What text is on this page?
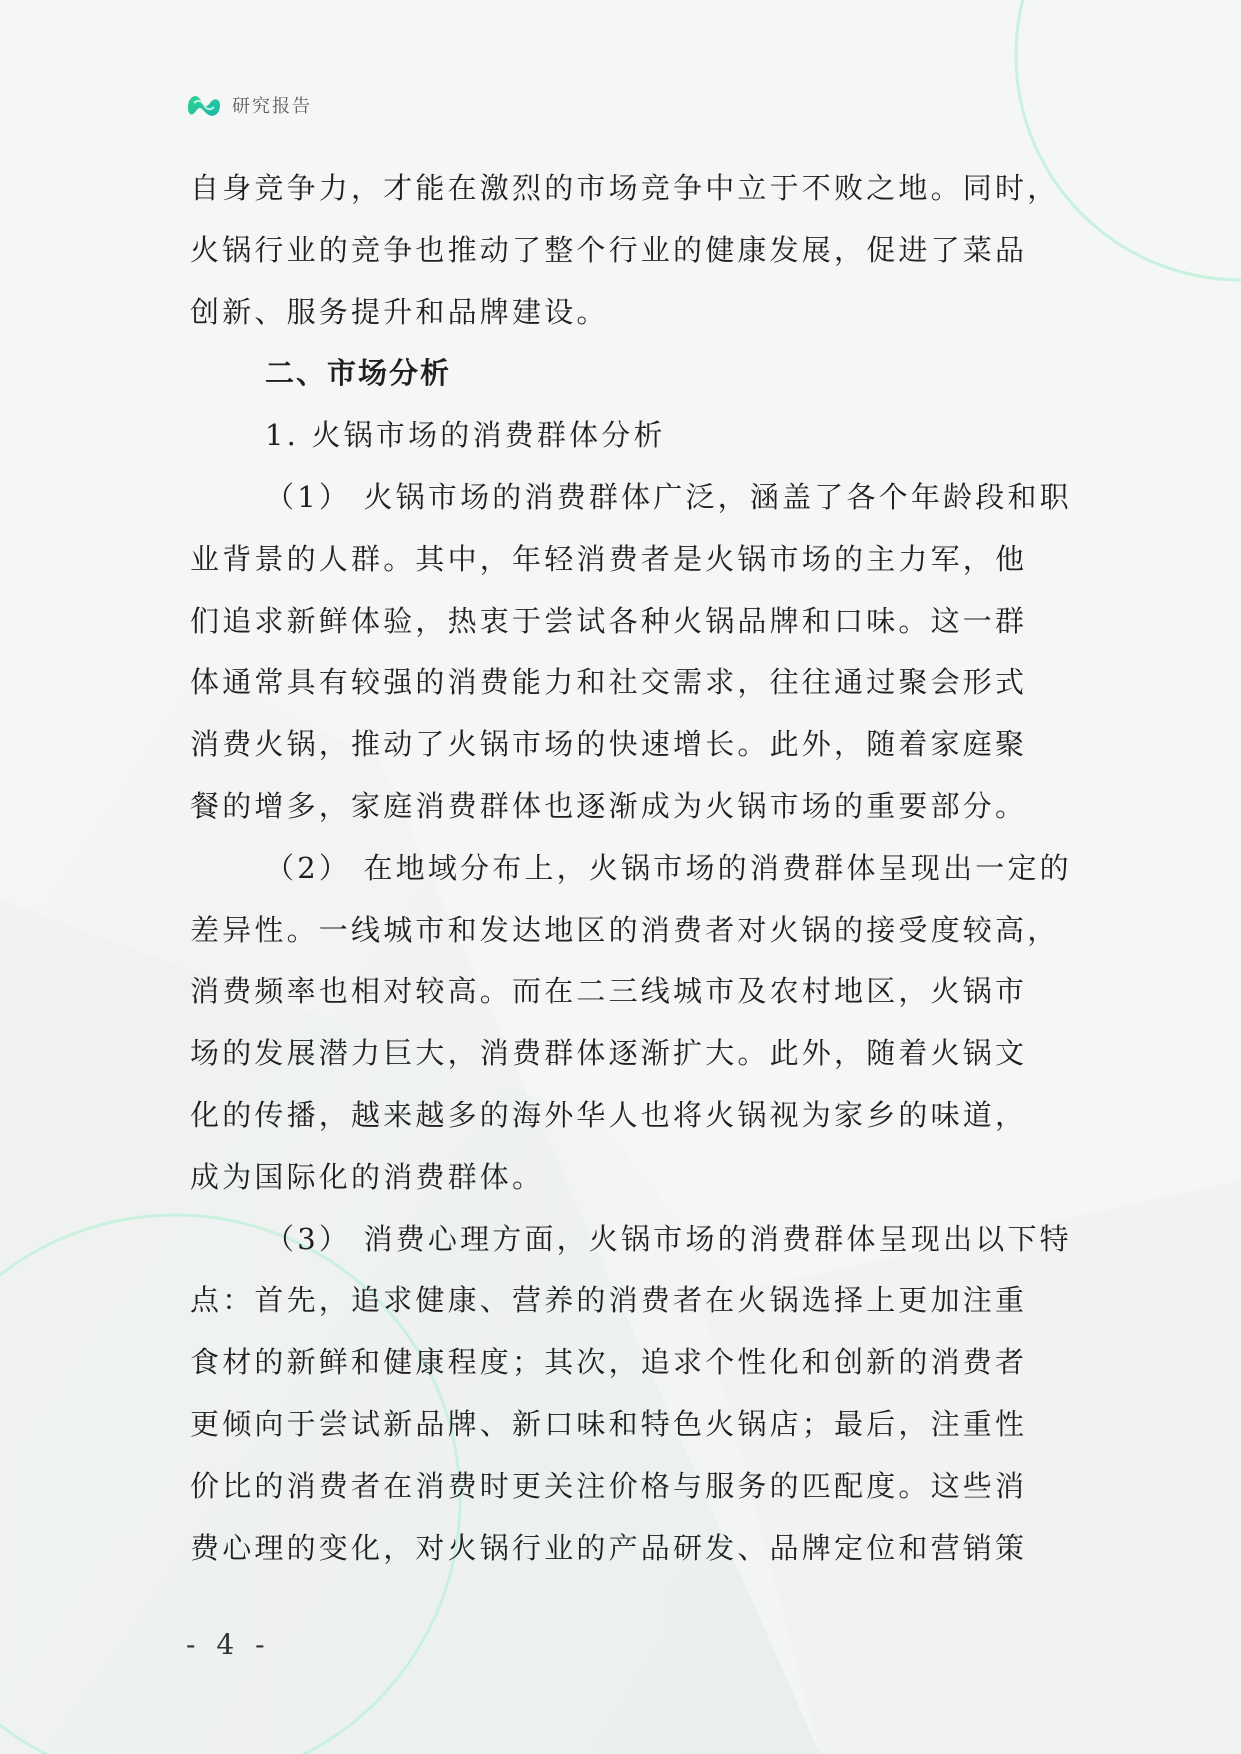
研究报告
自身竞争力，才能在激烈的市场竞争中立于不败之地。同时，
火锅行业的竞争也推动了整个行业的健康发展，促进了菜品
创新、服务提升和品牌建设。
二、市场分析
1. 火锅市场的消费群体分析
（1） 火锅市场的消费群体广泛，涵盖了各个年龄段和职
业背景的人群。其中，年轻消费者是火锅市场的主力军，他
们追求新鲜体验，热衷于尝试各种火锅品牌和口味。这一群
体通常具有较强的消费能力和社交需求，往往通过聚会形式
消费火锅，推动了火锅市场的快速增长。此外，随着家庭聚
餐的增多，家庭消费群体也逐渐成为火锅市场的重要部分。
（2） 在地域分布上，火锅市场的消费群体呈现出一定的
差异性。一线城市和发达地区的消费者对火锅的接受度较高，
消费频率也相对较高。而在二三线城市及农村地区，火锅市
场的发展潜力巨大，消费群体逐渐扩大。此外，随着火锅文
化的传播，越来越多的海外华人也将火锅视为家乡的味道，
成为国际化的消费群体。
（3） 消费心理方面，火锅市场的消费群体呈现出以下特
点：首先，追求健康、营养的消费者在火锅选择上更加注重
食材的新鲜和健康程度；其次，追求个性化和创新的消费者
更倾向于尝试新品牌、新口味和特色火锅店；最后，注重性
价比的消费者在消费时更关注价格与服务的匹配度。这些消
费心理的变化，对火锅行业的产品研发、品牌定位和营销策
- 4 -
